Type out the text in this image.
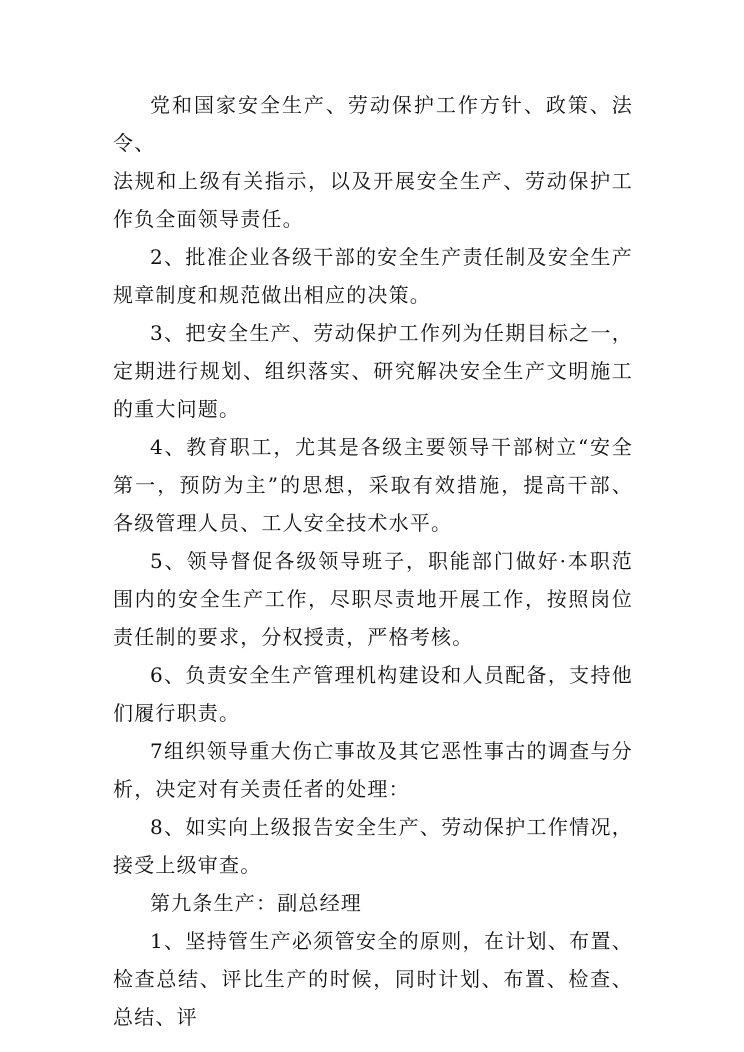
党和国家安全生产、劳动保护工作方针、政策、法令、

法规和上级有关指示，以及开展安全生产、劳动保护工作负全面领导责任。

2、批准企业各级干部的安全生产责任制及安全生产规章制度和规范做出相应的决策。

3、把安全生产、劳动保护工作列为任期目标之一，定期进行规划、组织落实、研究解决安全生产文明施工的重大问题。

4、教育职工，尤其是各级主要领导干部树立“安全第一，预防为主”的思想，采取有效措施，提高干部、各级管理人员、工人安全技术水平。

5、领导督促各级领导班子，职能部门做好·本职范围内的安全生产工作，尽职尽责地开展工作，按照岗位责任制的要求，分权授责，严格考核。

6、负责安全生产管理机构建设和人员配备，支持他们履行职责。

7组织领导重大伤亡事故及其它恶性事古的调查与分析，决定对有关责任者的处理：

8、如实向上级报告安全生产、劳动保护工作情况，接受上级审查。

第九条生产：副总经理

1、坚持管生产必须管安全的原则，在计划、布置、检查总结、评比生产的时候，同时计划、布置、检查、总结、评
